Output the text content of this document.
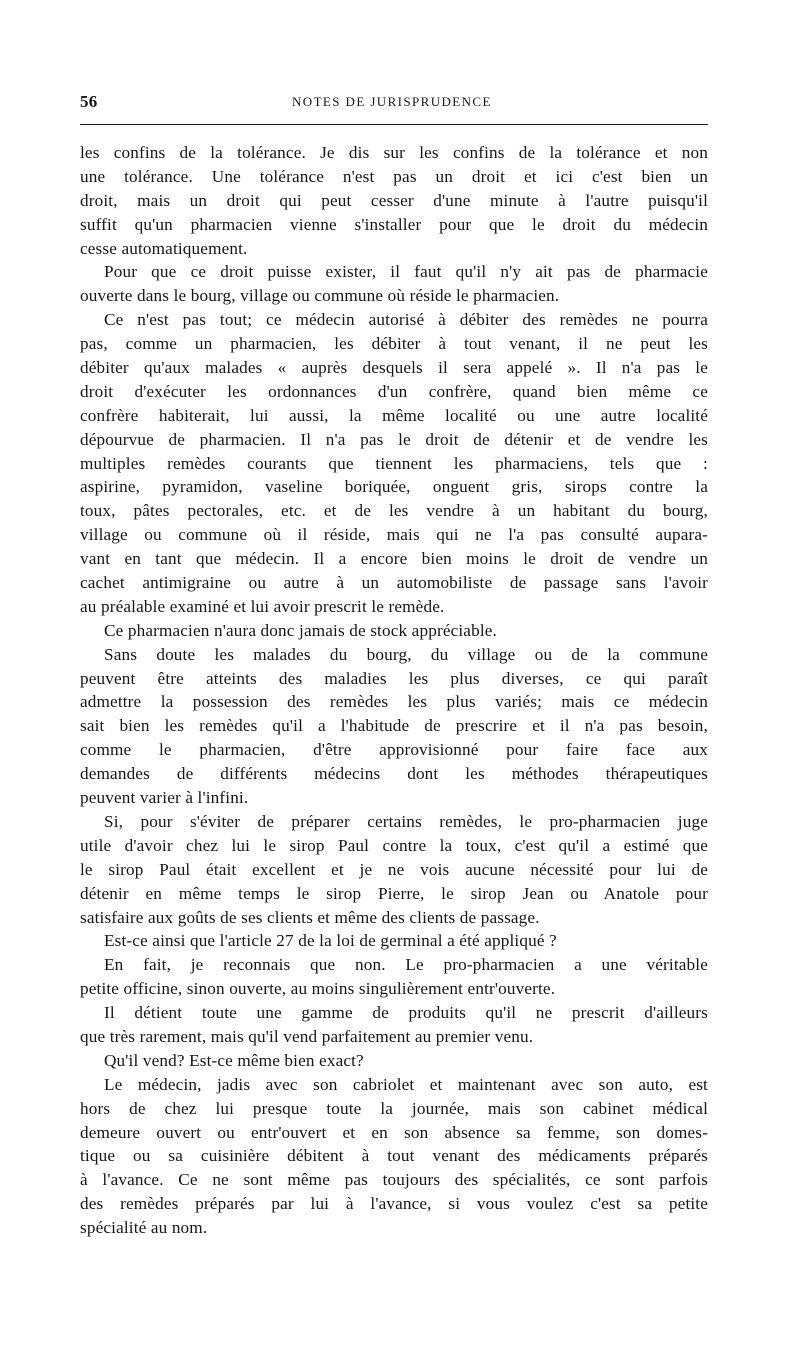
56	NOTES DE JURISPRUDENCE
les confins de la tolérance. Je dis sur les confins de la tolérance et non
une tolérance. Une tolérance n'est pas un droit et ici c'est bien un
droit, mais un droit qui peut cesser d'une minute à l'autre puisqu'il
suffit qu'un pharmacien vienne s'installer pour que le droit du médecin
cesse automatiquement.
Pour que ce droit puisse exister, il faut qu'il n'y ait pas de pharmacie
ouverte dans le bourg, village ou commune où réside le pharmacien.
Ce n'est pas tout; ce médecin autorisé à débiter des remèdes ne pourra
pas, comme un pharmacien, les débiter à tout venant, il ne peut les
débiter qu'aux malades « auprès desquels il sera appelé ». Il n'a pas le
droit d'exécuter les ordonnances d'un confrère, quand bien même ce
confrère habiterait, lui aussi, la même localité ou une autre localité
dépourvue de pharmacien. Il n'a pas le droit de détenir et de vendre les
multiples remèdes courants que tiennent les pharmaciens, tels que :
aspirine, pyramidon, vaseline boriquée, onguent gris, sirops contre la
toux, pâtes pectorales, etc. et de les vendre à un habitant du bourg,
village ou commune où il réside, mais qui ne l'a pas consulté aupara-
vant en tant que médecin. Il a encore bien moins le droit de vendre un
cachet antimigraine ou autre à un automobiliste de passage sans l'avoir
au préalable examiné et lui avoir prescrit le remède.
Ce pharmacien n'aura donc jamais de stock appréciable.
Sans doute les malades du bourg, du village ou de la commune
peuvent être atteints des maladies les plus diverses, ce qui paraît
admettre la possession des remèdes les plus variés; mais ce médecin
sait bien les remèdes qu'il a l'habitude de prescrire et il n'a pas besoin,
comme le pharmacien, d'être approvisionné pour faire face aux
demandes de différents médecins dont les méthodes thérapeutiques
peuvent varier à l'infini.
Si, pour s'éviter de préparer certains remèdes, le pro-pharmacien juge
utile d'avoir chez lui le sirop Paul contre la toux, c'est qu'il a estimé que
le sirop Paul était excellent et je ne vois aucune nécessité pour lui de
détenir en même temps le sirop Pierre, le sirop Jean ou Anatole pour
satisfaire aux goûts de ses clients et même des clients de passage.
Est-ce ainsi que l'article 27 de la loi de germinal a été appliqué ?
En fait, je reconnais que non. Le pro-pharmacien a une véritable
petite officine, sinon ouverte, au moins singulièrement entr'ouverte.
Il détient toute une gamme de produits qu'il ne prescrit d'ailleurs
que très rarement, mais qu'il vend parfaitement au premier venu.
Qu'il vend? Est-ce même bien exact?
Le médecin, jadis avec son cabriolet et maintenant avec son auto, est
hors de chez lui presque toute la journée, mais son cabinet médical
demeure ouvert ou entr'ouvert et en son absence sa femme, son domes-
tique ou sa cuisinière débitent à tout venant des médicaments préparés
à l'avance. Ce ne sont même pas toujours des spécialités, ce sont parfois
des remèdes préparés par lui à l'avance, si vous voulez c'est sa petite
spécialité au nom.
